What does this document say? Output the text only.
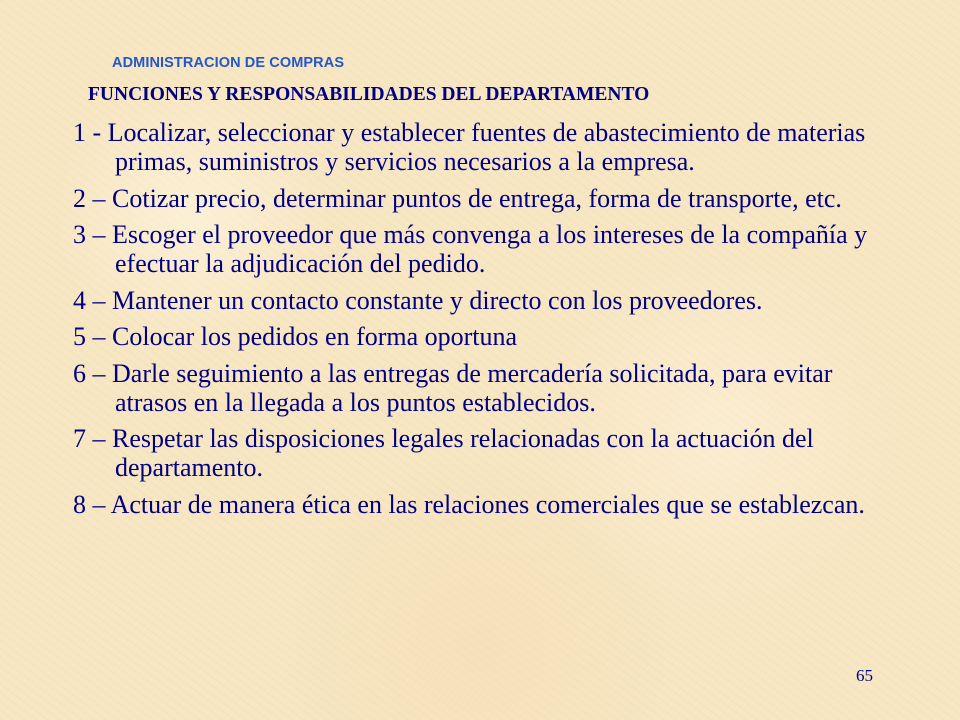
ADMINISTRACION DE COMPRAS
FUNCIONES Y RESPONSABILIDADES DEL DEPARTAMENTO
1 - Localizar, seleccionar y establecer fuentes de abastecimiento de materias primas, suministros y servicios necesarios a la empresa.
2 – Cotizar precio, determinar puntos de entrega, forma de transporte, etc.
3 – Escoger el proveedor que más convenga a los intereses de la compañía y efectuar la adjudicación del pedido.
4 – Mantener un contacto constante y directo con los proveedores.
5 – Colocar los pedidos en forma oportuna
6 – Darle seguimiento a las entregas de mercadería solicitada, para evitar atrasos en la llegada a los puntos establecidos.
7 – Respetar las disposiciones legales relacionadas con la actuación del departamento.
8 – Actuar de manera ética en las relaciones comerciales que se establezcan.
65
